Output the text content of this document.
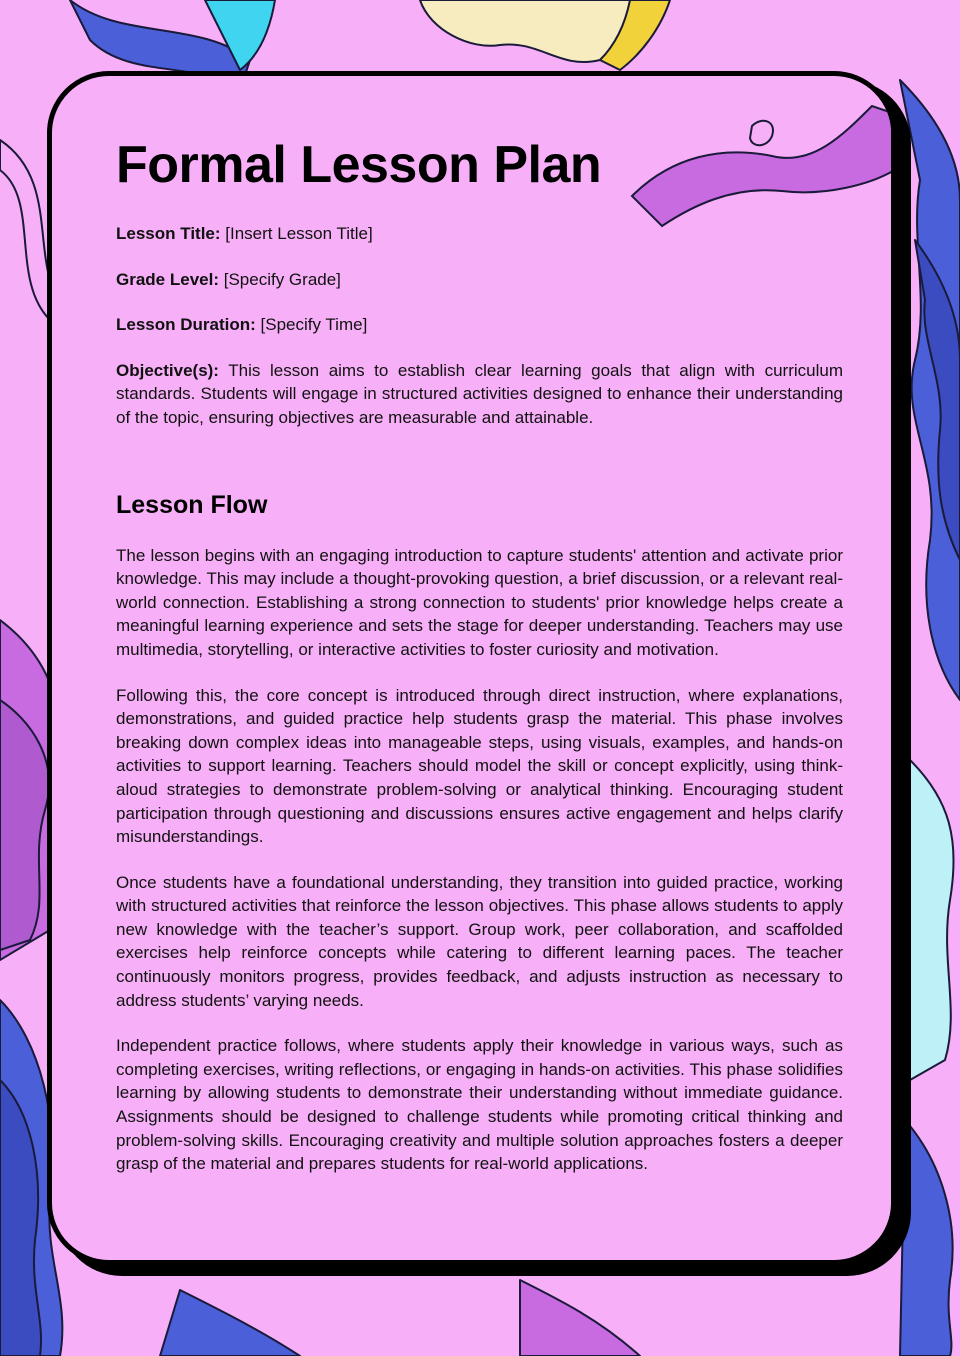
Formal Lesson Plan

Lesson Title: [Insert Lesson Title]

Grade Level: [Specify Grade]

Lesson Duration: [Specify Time]

Objective(s): This lesson aims to establish clear learning goals that align with curriculum standards. Students will engage in structured activities designed to enhance their understanding of the topic, ensuring objectives are measurable and attainable.

Lesson Flow

The lesson begins with an engaging introduction to capture students' attention and activate prior knowledge. This may include a thought-provoking question, a brief discussion, or a relevant real-world connection. Establishing a strong connection to students' prior knowledge helps create a meaningful learning experience and sets the stage for deeper understanding. Teachers may use multimedia, storytelling, or interactive activities to foster curiosity and motivation.

Following this, the core concept is introduced through direct instruction, where explanations, demonstrations, and guided practice help students grasp the material. This phase involves breaking down complex ideas into manageable steps, using visuals, examples, and hands-on activities to support learning. Teachers should model the skill or concept explicitly, using think-aloud strategies to demonstrate problem-solving or analytical thinking. Encouraging student participation through questioning and discussions ensures active engagement and helps clarify misunderstandings.

Once students have a foundational understanding, they transition into guided practice, working with structured activities that reinforce the lesson objectives. This phase allows students to apply new knowledge with the teacher’s support. Group work, peer collaboration, and scaffolded exercises help reinforce concepts while catering to different learning paces. The teacher continuously monitors progress, provides feedback, and adjusts instruction as necessary to address students’ varying needs.

Independent practice follows, where students apply their knowledge in various ways, such as completing exercises, writing reflections, or engaging in hands-on activities. This phase solidifies learning by allowing students to demonstrate their understanding without immediate guidance. Assignments should be designed to challenge students while promoting critical thinking and problem-solving skills. Encouraging creativity and multiple solution approaches fosters a deeper grasp of the material and prepares students for real-world applications.
